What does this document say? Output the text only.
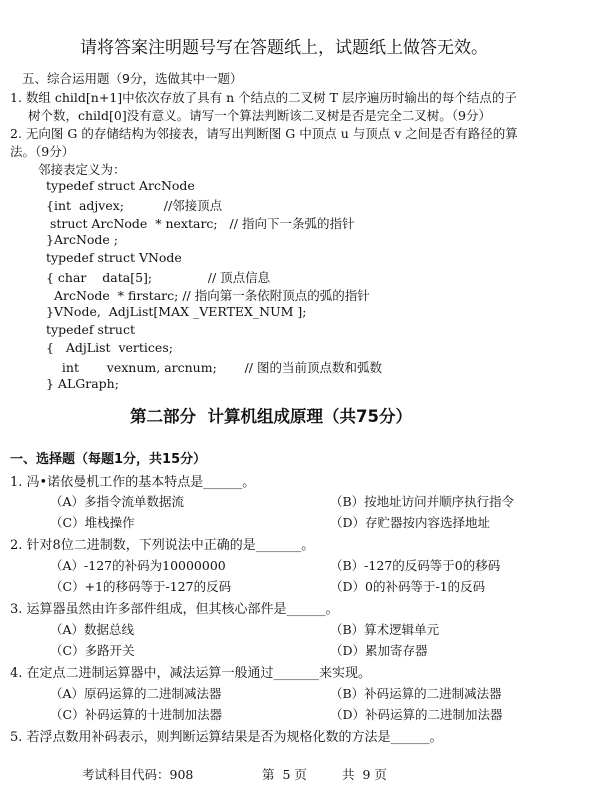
请将答案注明题号写在答题纸上，试题纸上做答无效。
五、综合运用题（9分，选做其中一题）
1. 数组 child[n+1]中依次存放了具有 n 个结点的二叉树 T 层序遍历时输出的每个结点的子
树个数，child[0]没有意义。请写一个算法判断该二叉树是否是完全二叉树。（9分）
2. 无向图 G 的存储结构为邻接表，请写出判断图 G 中顶点 u 与顶点 v 之间是否有路径的算
法。（9分）
邻接表定义为：
typedef struct ArcNode
{int  adjvex;          //邻接顶点
struct ArcNode  * nextarc;   // 指向下一条弧的指针
}ArcNode ;
typedef struct VNode
{ char    data[5];              // 顶点信息
ArcNode  * firstarc; // 指向第一条依附顶点的弧的指针
}VNode,  AdjList[MAX _VERTEX_NUM ];
typedef struct
{   AdjList  vertices;
int       vexnum, arcnum;       // 图的当前顶点数和弧数
} ALGraph;
第二部分  计算机组成原理（共75分）
一、选择题（每题1分，共15分）
1. 冯•诺依曼机工作的基本特点是______。
（A）多指令流单数据流	（B）按地址访问并顺序执行指令
（C）堆栈操作	（D）存贮器按内容选择地址
2. 针对8位二进制数，下列说法中正确的是_______。
（A）-127的补码为10000000	（B）-127的反码等于0的移码
（C）+1的移码等于-127的反码	（D）0的补码等于-1的反码
3. 运算器虽然由许多部件组成，但其核心部件是______。
（A）数据总线	（B）算术逻辑单元
（C）多路开关	（D）累加寄存器
4. 在定点二进制运算器中，减法运算一般通过_______来实现。
（A）原码运算的二进制减法器	（B）补码运算的二进制减法器
（C）补码运算的十进制加法器	（D）补码运算的二进制加法器
5. 若浮点数用补码表示，则判断运算结果是否为规格化数的方法是______。
考试科目代码：908	第  5 页	共  9 页
